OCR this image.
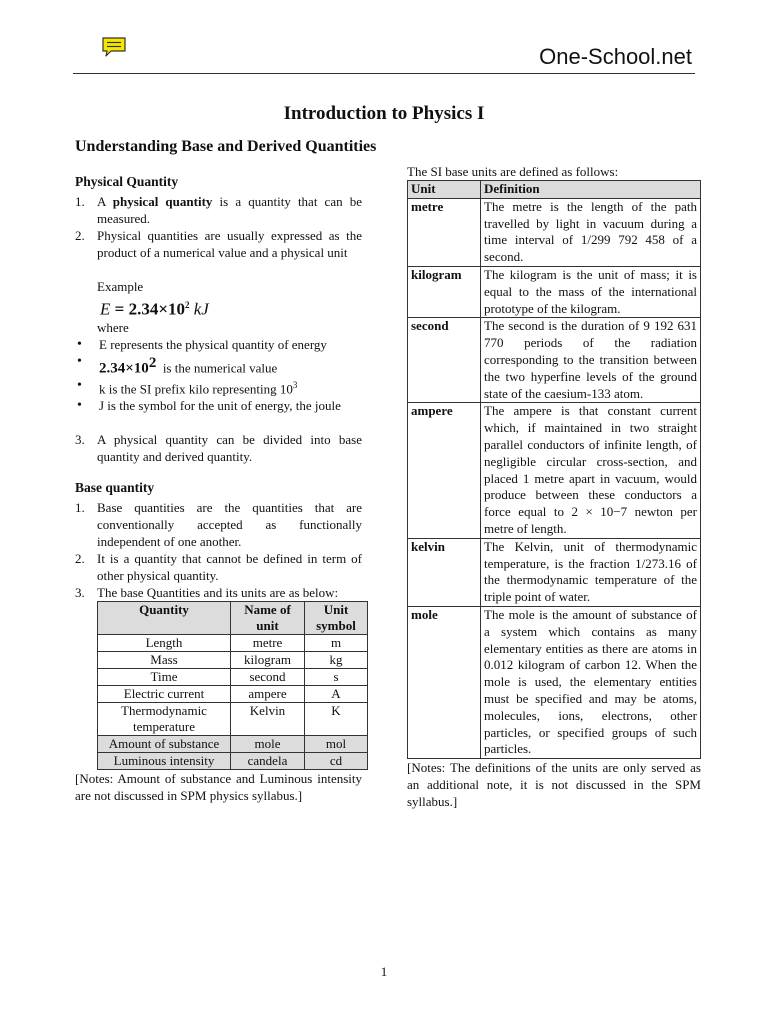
One-School.net
Introduction to Physics I
Understanding Base and Derived Quantities
Physical Quantity
1. A physical quantity is a quantity that can be measured.
2. Physical quantities are usually expressed as the product of a numerical value and a physical unit
Example
$E = 2.34\times 10^2$ kJ
where
• E represents the physical quantity of energy
• $2.34\times 10^2$ is the numerical value
• k is the SI prefix kilo representing $10^3$
• J is the symbol for the unit of energy, the joule
3. A physical quantity can be divided into base quantity and derived quantity.
Base quantity
1. Base quantities are the quantities that are conventionally accepted as functionally independent of one another.
2. It is a quantity that cannot be defined in term of other physical quantity.
3. The base Quantities and its units are as below:
Quantity	Name of unit	Unit symbol
Length	metre	m
Mass	kilogram	kg
Time	second	s
Electric current	ampere	A
Thermodynamic temperature	Kelvin	K
Amount of substance	mole	mol
Luminous intensity	candela	cd
[Notes: Amount of substance and Luminous intensity are not discussed in SPM physics syllabus.]
The SI base units are defined as follows:
Unit	Definition
metre	The metre is the length of the path travelled by light in vacuum during a time interval of 1/299 792 458 of a second.
kilogram	The kilogram is the unit of mass; it is equal to the mass of the international prototype of the kilogram.
second	The second is the duration of 9 192 631 770 periods of the radiation corresponding to the transition between the two hyperfine levels of the ground state of the caesium-133 atom.
ampere	The ampere is that constant current which, if maintained in two straight parallel conductors of infinite length, of negligible circular cross-section, and placed 1 metre apart in vacuum, would produce between these conductors a force equal to 2 × 10−7 newton per metre of length.
kelvin	The Kelvin, unit of thermodynamic temperature, is the fraction 1/273.16 of the thermodynamic temperature of the triple point of water.
mole	The mole is the amount of substance of a system which contains as many elementary entities as there are atoms in 0.012 kilogram of carbon 12. When the mole is used, the elementary entities must be specified and may be atoms, molecules, ions, electrons, other particles, or specified groups of such particles.
[Notes: The definitions of the units are only served as an additional note, it is not discussed in the SPM syllabus.]
1
